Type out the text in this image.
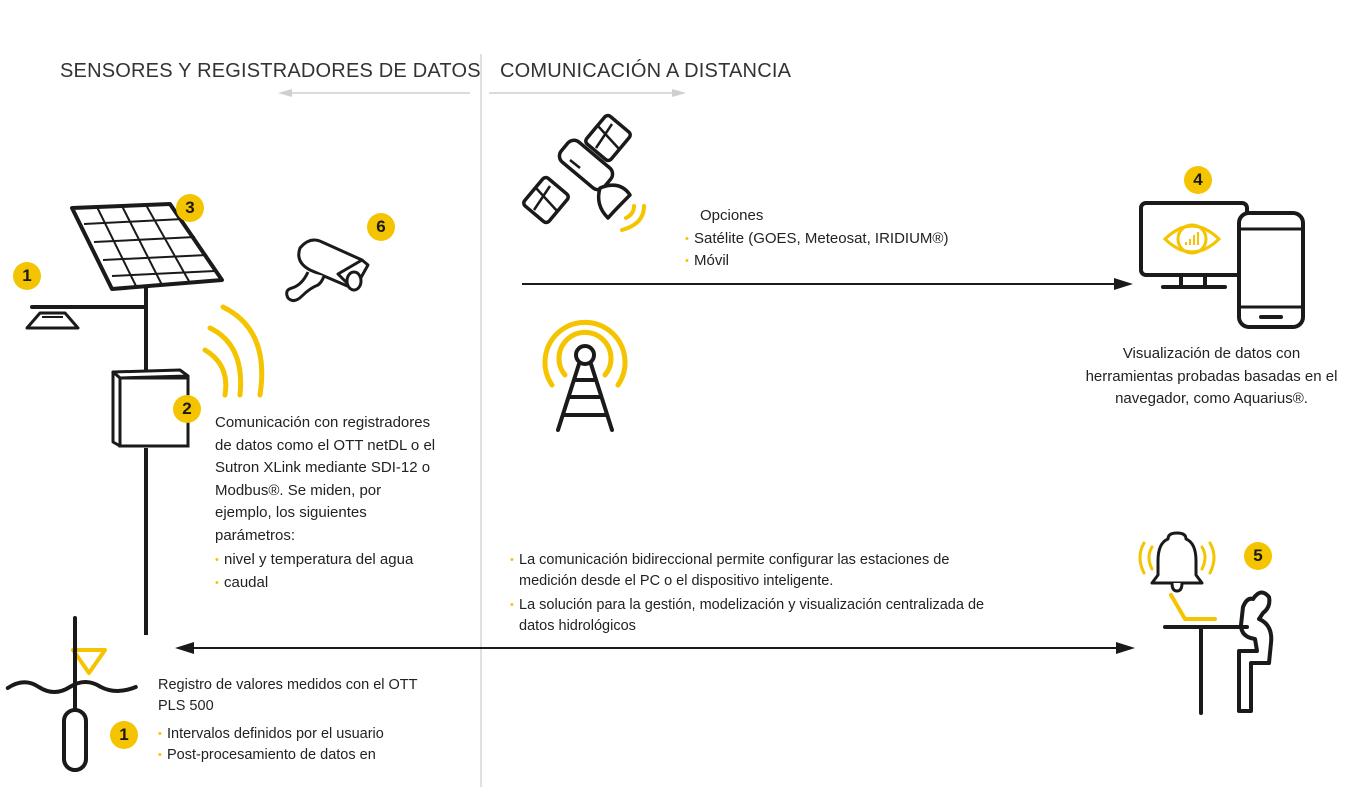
SENSORES Y REGISTRADORES DE DATOS COMUNICACIÓN A DISTANCIA
Opciones
• Satélite (GOES, Meteosat, IRIDIUM®)
• Móvil
Visualización de datos con
herramientas probadas basadas en el
navegador, como Aquarius®.
Comunicación con registradores
de datos como el OTT netDL o el
Sutron XLink mediante SDI-12 o
Modbus®. Se miden, por
ejemplo, los siguientes
parámetros:
• nivel y temperatura del agua
• caudal
• La comunicación bidireccional permite configurar las estaciones de
medición desde el PC o el dispositivo inteligente.
• La solución para la gestión, modelización y visualización centralizada de
datos hidrológicos
Registro de valores medidos con el OTT
PLS 500
• Intervalos definidos por el usuario
• Post-procesamiento de datos en
1
2
3
4
5
6
1
